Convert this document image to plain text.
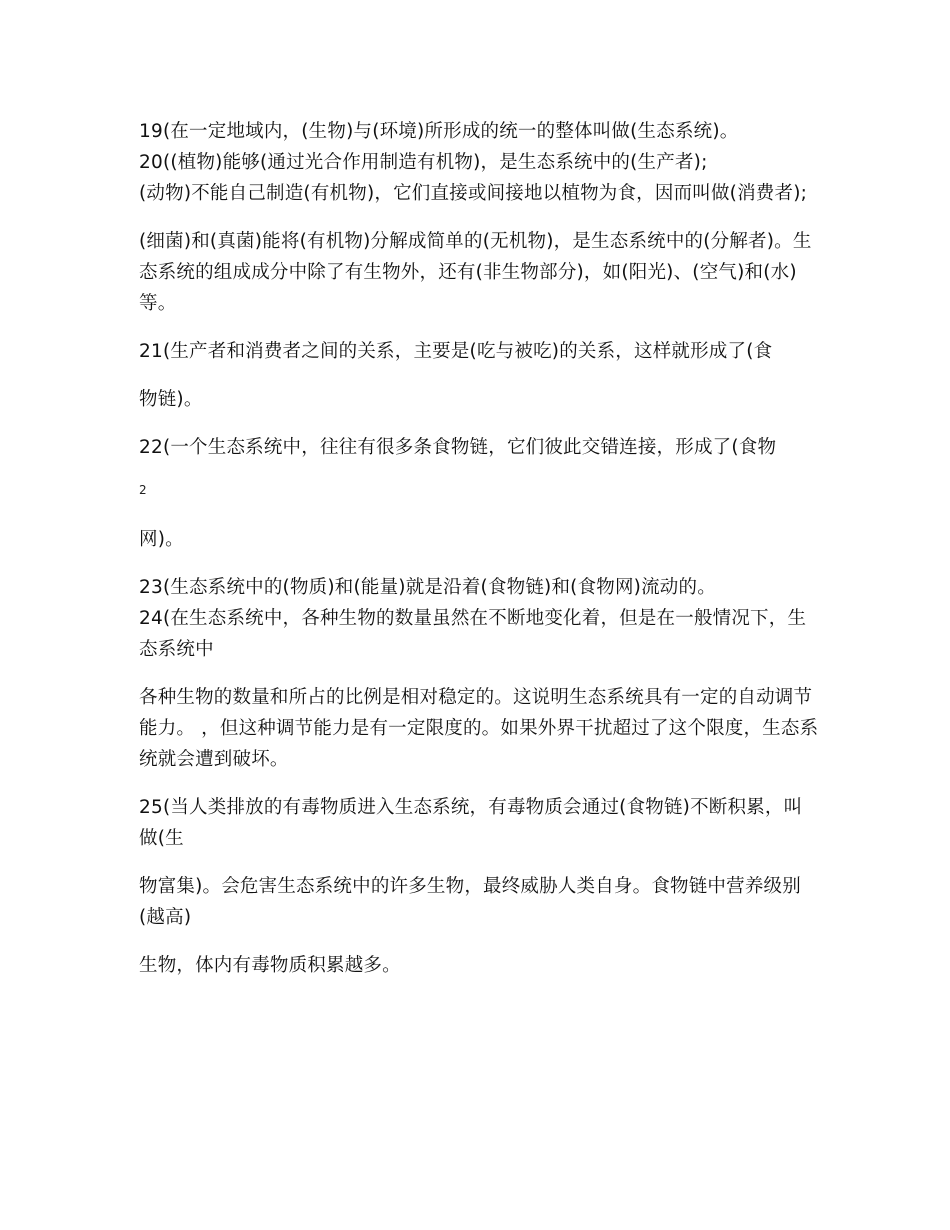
19(在一定地域内，(生物)与(环境)所形成的统一的整体叫做(生态系统)。

20((植物)能够(通过光合作用制造有机物)，是生态系统中的(生产者);

(动物)不能自己制造(有机物)，它们直接或间接地以植物为食，因而叫做(消费者);

(细菌)和(真菌)能将(有机物)分解成简单的(无机物)，是生态系统中的(分解者)。生态系统的组成成分中除了有生物外，还有(非生物部分)，如(阳光)、(空气)和(水)等。

21(生产者和消费者之间的关系，主要是(吃与被吃)的关系，这样就形成了(食

物链)。

22(一个生态系统中，往往有很多条食物链，它们彼此交错连接，形成了(食物

2

网)。

23(生态系统中的(物质)和(能量)就是沿着(食物链)和(食物网)流动的。

24(在生态系统中，各种生物的数量虽然在不断地变化着，但是在一般情况下，生态系统中

各种生物的数量和所占的比例是相对稳定的。这说明生态系统具有一定的自动调节能力。 ，但这种调节能力是有一定限度的。如果外界干扰超过了这个限度，生态系统就会遭到破坏。

25(当人类排放的有毒物质进入生态系统，有毒物质会通过(食物链)不断积累，叫做(生

物富集)。会危害生态系统中的许多生物，最终威胁人类自身。食物链中营养级别(越高)

生物，体内有毒物质积累越多。
